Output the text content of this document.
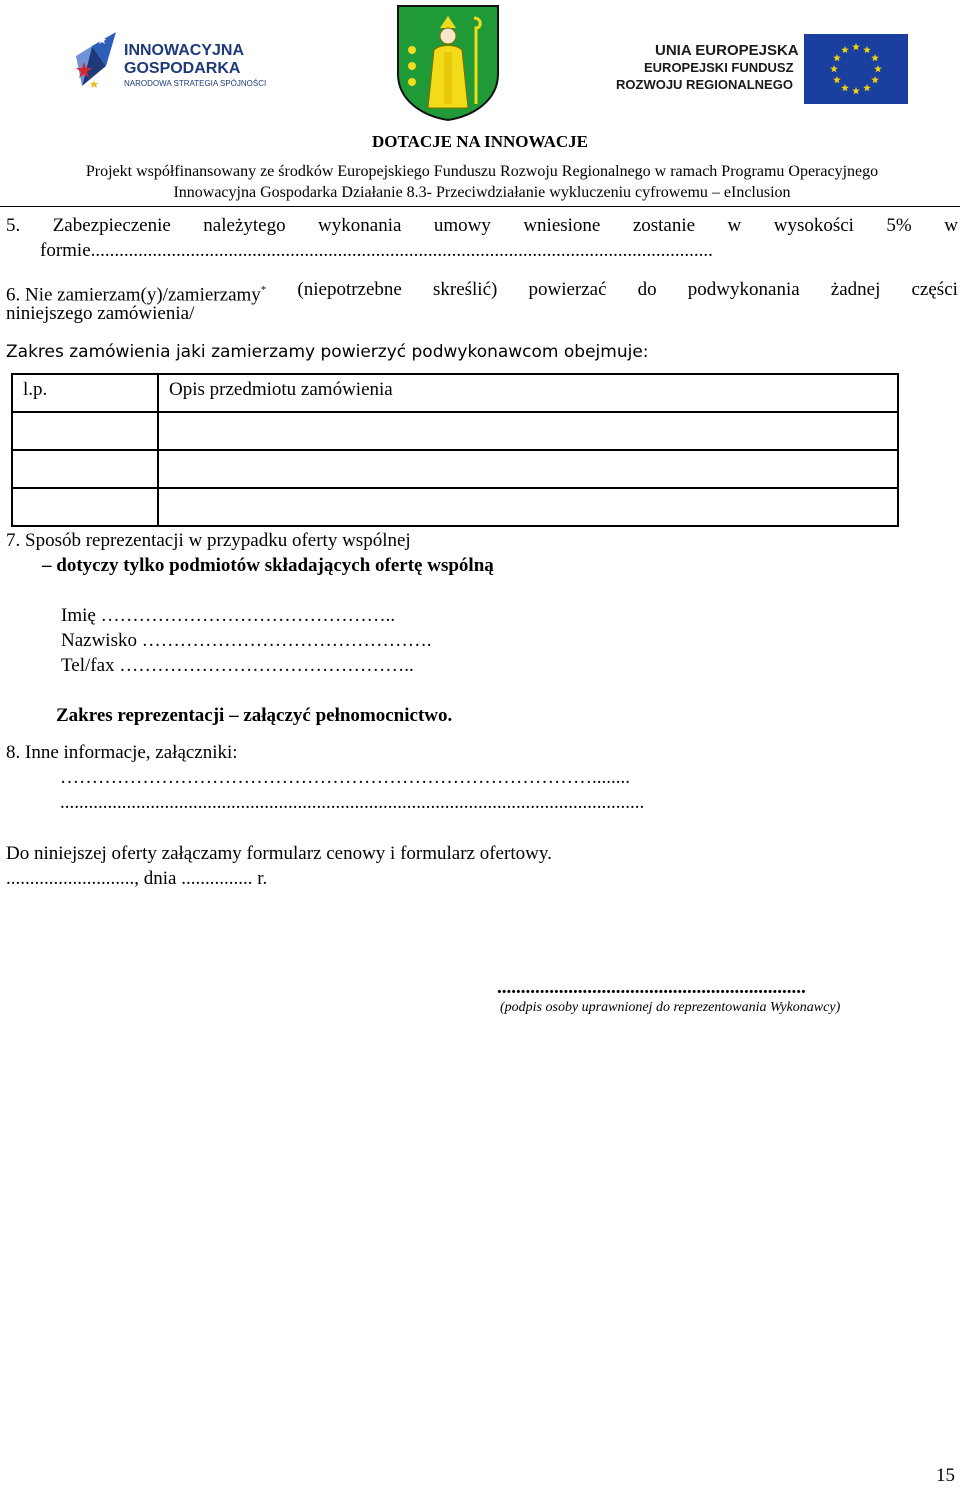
INNOWACYJNA
GOSPODARKA
NARODOWA STRATEGIA SPÓJNOŚCI
UNIA EUROPEJSKA
EUROPEJSKI FUNDUSZ
ROZWOJU REGIONALNEGO
DOTACJE NA INNOWACJE
Projekt współfinansowany ze środków Europejskiego Funduszu Rozwoju Regionalnego w ramach Programu Operacyjnego
Innowacyjna Gospodarka Działanie 8.3- Przeciwdziałanie wykluczeniu cyfrowemu – eInclusion
5. Zabezpieczenie należytego wykonania umowy wniesione zostanie w wysokości 5% w
formie...................................................................................................................................
6. Nie zamierzam(y)/zamierzamy* (niepotrzebne skreślić) powierzać do podwykonania żadnej części
niniejszego zamówienia/
Zakres zamówienia jaki zamierzamy powierzyć podwykonawcom obejmuje:
l.p.	Opis przedmiotu zamówienia

7. Sposób reprezentacji w przypadku oferty wspólnej
– dotyczy tylko podmiotów składających ofertę wspólną
Imię ………………………………………..
Nazwisko ……………………………………….
Tel/fax ………………………………………..
Zakres reprezentacji – załączyć pełnomocnictwo.
8. Inne informacje, załączniki:
…………………………………………………………………………........
...........................................................................................................................
Do niniejszej oferty załączamy formularz cenowy i formularz ofertowy.
..........................., dnia ............... r.
.................................................................
(podpis osoby uprawnionej do reprezentowania Wykonawcy)
15
